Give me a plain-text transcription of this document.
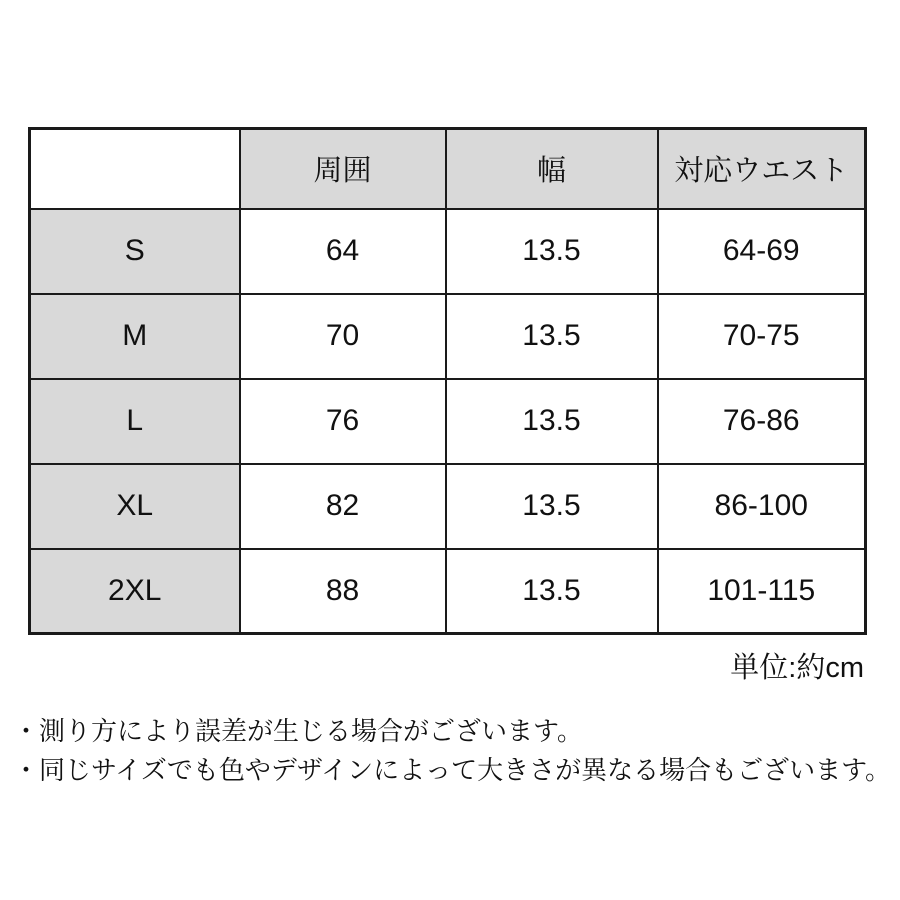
	周囲	幅	対応ウエスト
S	64	13.5	64-69
M	70	13.5	70-75
L	76	13.5	76-86
XL	82	13.5	86-100
2XL	88	13.5	101-115
単位:約cm
・測り方により誤差が生じる場合がございます。
・同じサイズでも色やデザインによって大きさが異なる場合もございます。
